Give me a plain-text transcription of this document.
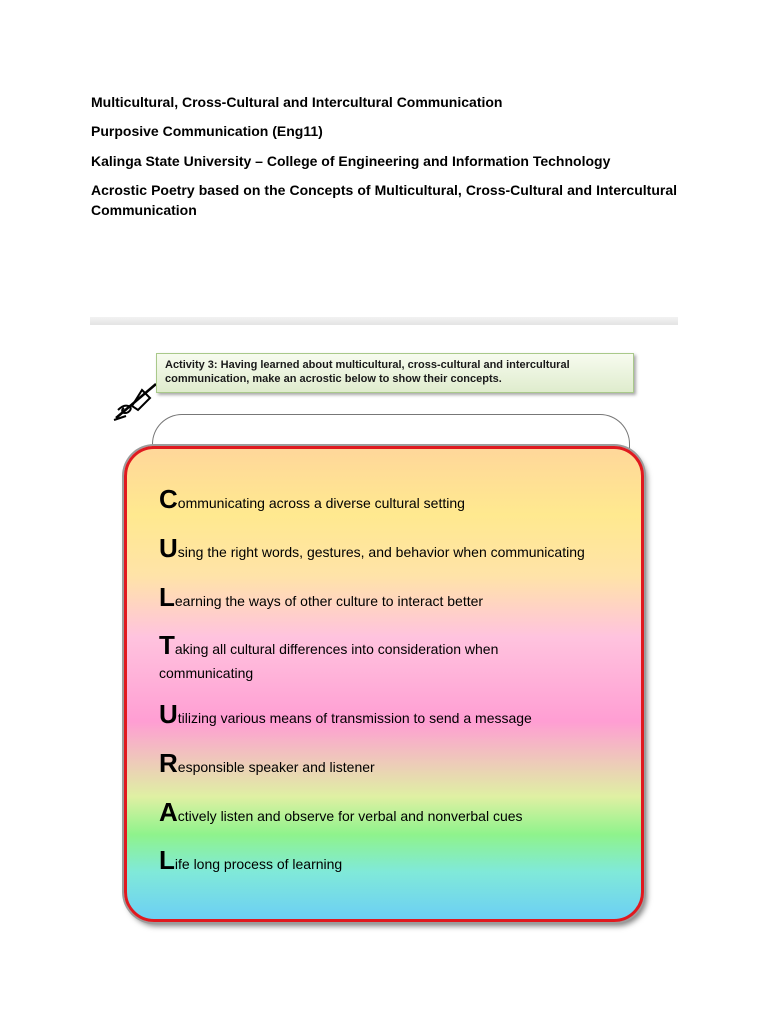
Multicultural, Cross-Cultural and Intercultural Communication
Purposive Communication (Eng11)
Kalinga State University – College of Engineering and Information Technology
Acrostic Poetry based on the Concepts of Multicultural, Cross-Cultural and Intercultural Communication
Activity 3: Having learned about multicultural, cross-cultural and intercultural communication, make an acrostic below to show their concepts.
Communicating across a diverse cultural setting
Using the right words, gestures, and behavior when communicating
Learning the ways of other culture to interact better
Taking all cultural differences into consideration when communicating
Utilizing various means of transmission to send a message
Responsible speaker and listener
Actively listen and observe for verbal and nonverbal cues
Life long process of learning
